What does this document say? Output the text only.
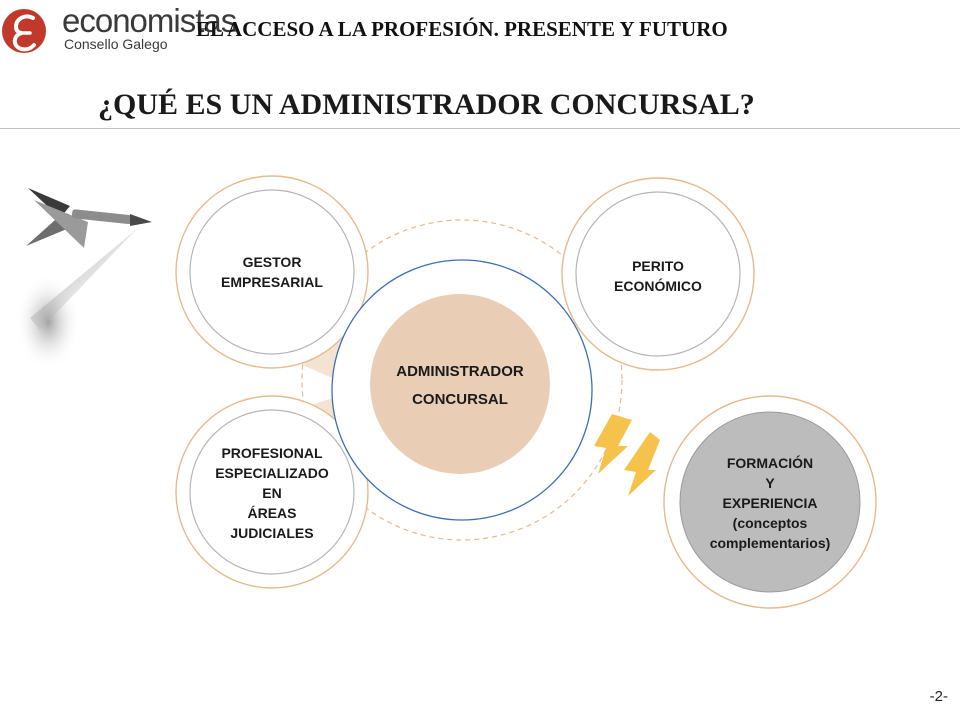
economistas
Consello Galego
EL ACCESO A LA PROFESIÓN. PRESENTE Y FUTURO
¿QUÉ ES UN ADMINISTRADOR CONCURSAL?
GESTOR
EMPRESARIAL
PERITO
ECONÓMICO
ADMINISTRADOR
CONCURSAL
PROFESIONAL
ESPECIALIZADO
EN
ÁREAS
JUDICIALES
FORMACIÓN
Y
EXPERIENCIA
(conceptos
complementarios)
-2-
